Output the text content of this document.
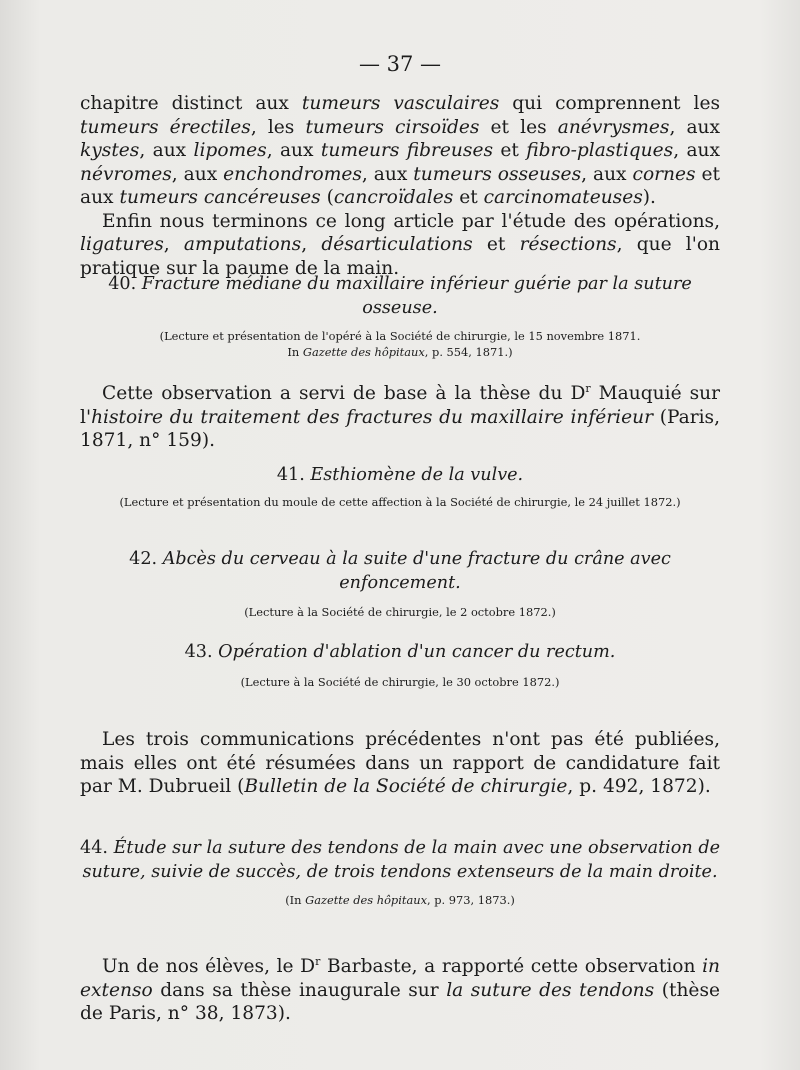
— 37 —

chapitre distinct aux tumeurs vasculaires qui comprennent les tumeurs érectiles, les tumeurs cirsoïdes et les anévrysmes, aux kystes, aux lipomes, aux tumeurs fibreuses et fibro-plastiques, aux névromes, aux enchondromes, aux tumeurs osseuses, aux cornes et aux tumeurs cancéreuses (cancroïdales et carcinomateuses).

Enfin nous terminons ce long article par l'étude des opérations, ligatures, amputations, désarticulations et résections, que l'on pratique sur la paume de la main.

40. Fracture médiane du maxillaire inférieur guérie par la suture osseuse.

(Lecture et présentation de l'opéré à la Société de chirurgie, le 15 novembre 1871.

In Gazette des hôpitaux, p. 554, 1871.)

Cette observation a servi de base à la thèse du $D^r$ Mauquié sur l'histoire du traitement des fractures du maxillaire inférieur (Paris, 1871, n° 159).

41. Esthiomène de la vulve.

(Lecture et présentation du moule de cette affection à la Société de chirurgie, le 24 juillet 1872.)

42. Abcès du cerveau à la suite d'une fracture du crâne avec enfoncement.

(Lecture à la Société de chirurgie, le 2 octobre 1872.)

43. Opération d'ablation d'un cancer du rectum.

(Lecture à la Société de chirurgie, le 30 octobre 1872.)

Les trois communications précédentes n'ont pas été publiées, mais elles ont été résumées dans un rapport de candidature fait par M. Dubrueil (Bulletin de la Société de chirurgie, p. 492, 1872).

44. Étude sur la suture des tendons de la main avec une observation de suture, suivie de succès, de trois tendons extenseurs de la main droite.

(In Gazette des hôpitaux, p. 973, 1873.)

Un de nos élèves, le $D^r$ Barbaste, a rapporté cette observation in extenso dans sa thèse inaugurale sur la suture des tendons (thèse de Paris, n° 38, 1873).
